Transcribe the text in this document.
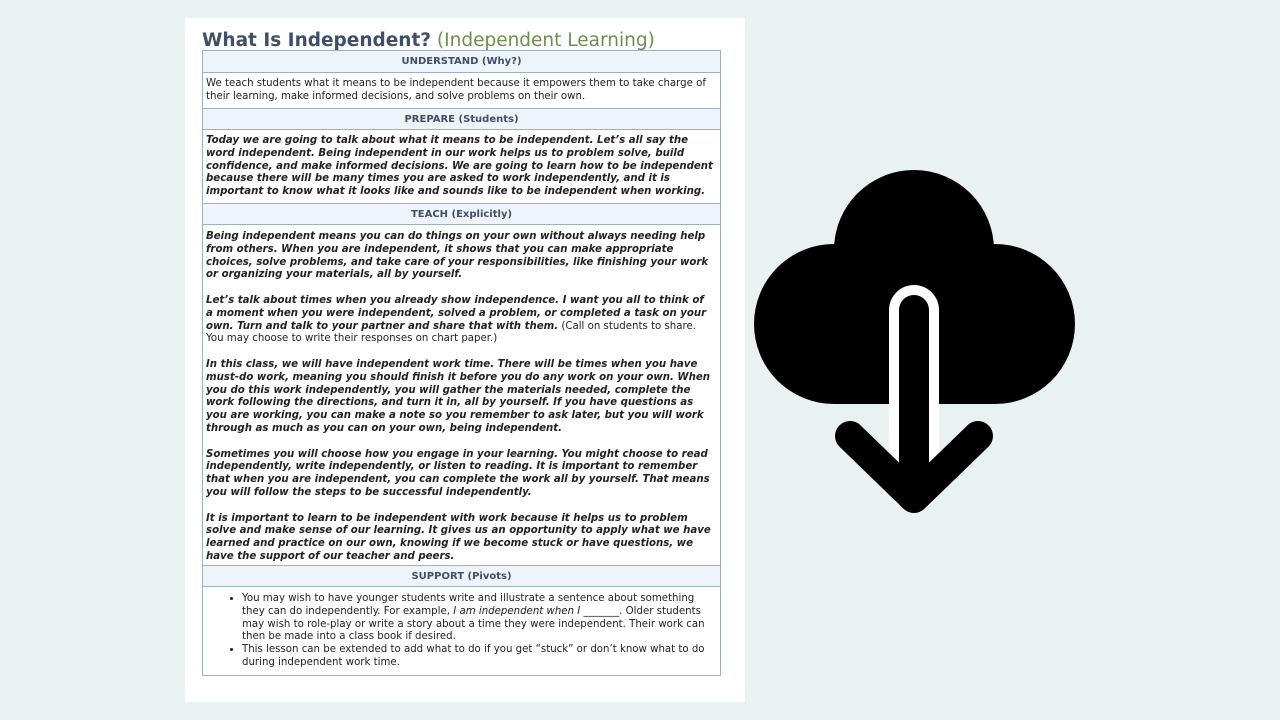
What Is Independent? (Independent Learning)
UNDERSTAND (Why?)
We teach students what it means to be independent because it empowers them to take charge of their learning, make informed decisions, and solve problems on their own.
PREPARE (Students)
Today we are going to talk about what it means to be independent. Let’s all say the word independent. Being independent in our work helps us to problem solve, build confidence, and make informed decisions. We are going to learn how to be independent because there will be many times you are asked to work independently, and it is important to know what it looks like and sounds like to be independent when working.
TEACH (Explicitly)
Being independent means you can do things on your own without always needing help from others. When you are independent, it shows that you can make appropriate choices, solve problems, and take care of your responsibilities, like finishing your work or organizing your materials, all by yourself.
Let’s talk about times when you already show independence. I want you all to think of a moment when you were independent, solved a problem, or completed a task on your own. Turn and talk to your partner and share that with them. (Call on students to share. You may choose to write their responses on chart paper.)
In this class, we will have independent work time. There will be times when you have must-do work, meaning you should finish it before you do any work on your own. When you do this work independently, you will gather the materials needed, complete the work following the directions, and turn it in, all by yourself. If you have questions as you are working, you can make a note so you remember to ask later, but you will work through as much as you can on your own, being independent.
Sometimes you will choose how you engage in your learning. You might choose to read independently, write independently, or listen to reading. It is important to remember that when you are independent, you can complete the work all by yourself. That means you will follow the steps to be successful independently.
It is important to learn to be independent with work because it helps us to problem solve and make sense of our learning. It gives us an opportunity to apply what we have learned and practice on our own, knowing if we become stuck or have questions, we have the support of our teacher and peers.
SUPPORT (Pivots)
• You may wish to have younger students write and illustrate a sentence about something they can do independently. For example, I am independent when I _______. Older students may wish to role-play or write a story about a time they were independent. Their work can then be made into a class book if desired.
• This lesson can be extended to add what to do if you get “stuck” or don’t know what to do during independent work time.
